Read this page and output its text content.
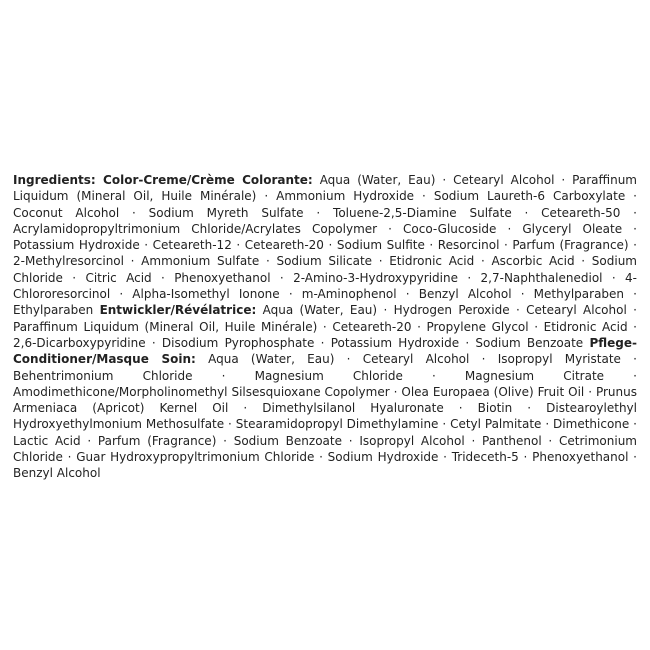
Ingredients: Color-Creme/Crème Colorante: Aqua (Water, Eau) · Cetearyl Alcohol · Paraffinum Liquidum (Mineral Oil, Huile Minérale) · Ammonium Hydroxide · Sodium Laureth-6 Carboxylate · Coconut Alcohol · Sodium Myreth Sulfate · Toluene-2,5-Diamine Sulfate · Ceteareth-50 · Acrylamidopropyltrimonium Chloride/Acrylates Copolymer · Coco-Glucoside · Glyceryl Oleate · Potassium Hydroxide · Ceteareth-12 · Ceteareth-20 · Sodium Sulfite · Resorcinol · Parfum (Fragrance) · 2-Methylresorcinol · Ammonium Sulfate · Sodium Silicate · Etidronic Acid · Ascorbic Acid · Sodium Chloride · Citric Acid · Phenoxyethanol · 2-Amino-3-Hydroxypyridine · 2,7-Naphthalenediol · 4-Chlororesorcinol · Alpha-Isomethyl Ionone · m-Aminophenol · Benzyl Alcohol · Methylparaben · Ethylparaben Entwickler/Révélatrice: Aqua (Water, Eau) · Hydrogen Peroxide · Cetearyl Alcohol · Paraffinum Liquidum (Mineral Oil, Huile Minérale) · Ceteareth-20 · Propylene Glycol · Etidronic Acid · 2,6-Dicarboxypyridine · Disodium Pyrophosphate · Potassium Hydroxide · Sodium Benzoate Pflege-Conditioner/Masque Soin: Aqua (Water, Eau) · Cetearyl Alcohol · Isopropyl Myristate · Behentrimonium Chloride · Magnesium Chloride · Magnesium Citrate · Amodimethicone/Morpholinomethyl Silsesquioxane Copolymer · Olea Europaea (Olive) Fruit Oil · Prunus Armeniaca (Apricot) Kernel Oil · Dimethylsilanol Hyaluronate · Biotin · Distearoylethyl Hydroxyethylmonium Methosulfate · Stearamidopropyl Dimethylamine · Cetyl Palmitate · Dimethicone · Lactic Acid · Parfum (Fragrance) · Sodium Benzoate · Isopropyl Alcohol · Panthenol · Cetrimonium Chloride · Guar Hydroxypropyltrimonium Chloride · Sodium Hydroxide · Trideceth-5 · Phenoxyethanol · Benzyl Alcohol
